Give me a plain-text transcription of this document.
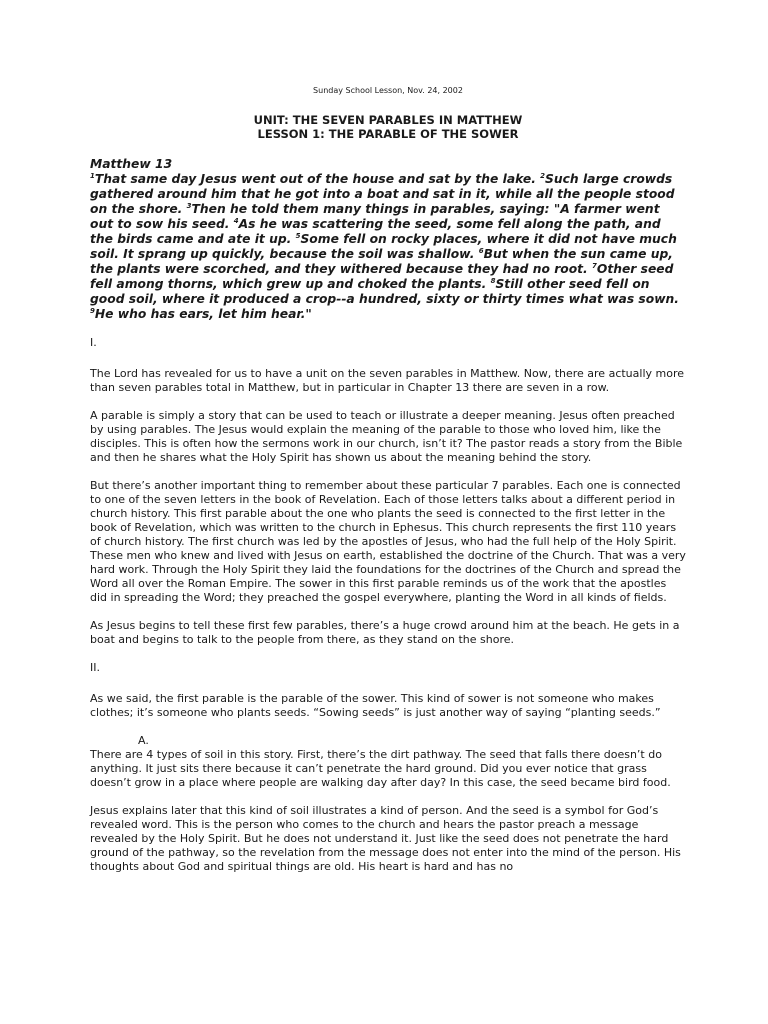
Sunday School Lesson, Nov. 24, 2002
UNIT: THE SEVEN PARABLES IN MATTHEW
LESSON 1: THE PARABLE OF THE SOWER
Matthew 13
$^1$That same day Jesus went out of the house and sat by the lake. $^2$Such large crowds gathered around him that he got into a boat and sat in it, while all the people stood on the shore. $^3$Then he told them many things in parables, saying: "A farmer went out to sow his seed. $^4$As he was scattering the seed, some fell along the path, and the birds came and ate it up. $^5$Some fell on rocky places, where it did not have much soil. It sprang up quickly, because the soil was shallow. $^6$But when the sun came up, the plants were scorched, and they withered because they had no root. $^7$Other seed fell among thorns, which grew up and choked the plants. $^8$Still other seed fell on good soil, where it produced a crop--a hundred, sixty or thirty times what was sown. $^9$He who has ears, let him hear."
I.

The Lord has revealed for us to have a unit on the seven parables in Matthew. Now, there are actually more than seven parables total in Matthew, but in particular in Chapter 13 there are seven in a row.

A parable is simply a story that can be used to teach or illustrate a deeper meaning. Jesus often preached by using parables. The Jesus would explain the meaning of the parable to those who loved him, like the disciples. This is often how the sermons work in our church, isn’t it? The pastor reads a story from the Bible and then he shares what the Holy Spirit has shown us about the meaning behind the story.

But there’s another important thing to remember about these particular 7 parables. Each one is connected to one of the seven letters in the book of Revelation. Each of those letters talks about a different period in church history. This first parable about the one who plants the seed is connected to the first letter in the book of Revelation, which was written to the church in Ephesus. This church represents the first 110 years of church history. The first church was led by the apostles of Jesus, who had the full help of the Holy Spirit. These men who knew and lived with Jesus on earth, established the doctrine of the Church. That was a very hard work. Through the Holy Spirit they laid the foundations for the doctrines of the Church and spread the Word all over the Roman Empire. The sower in this first parable reminds us of the work that the apostles did in spreading the Word; they preached the gospel everywhere, planting the Word in all kinds of fields.

As Jesus begins to tell these first few parables, there’s a huge crowd around him at the beach. He gets in a boat and begins to talk to the people from there, as they stand on the shore.

II.

As we said, the first parable is the parable of the sower. This kind of sower is not someone who makes clothes; it’s someone who plants seeds. “Sowing seeds” is just another way of saying “planting seeds.”

A.

There are 4 types of soil in this story. First, there’s the dirt pathway. The seed that falls there doesn’t do anything. It just sits there because it can’t penetrate the hard ground. Did you ever notice that grass doesn’t grow in a place where people are walking day after day? In this case, the seed became bird food.

Jesus explains later that this kind of soil illustrates a kind of person. And the seed is a symbol for God’s revealed word. This is the person who comes to the church and hears the pastor preach a message revealed by the Holy Spirit. But he does not understand it. Just like the seed does not penetrate the hard ground of the pathway, so the revelation from the message does not enter into the mind of the person. His thoughts about God and spiritual things are old. His heart is hard and has no
